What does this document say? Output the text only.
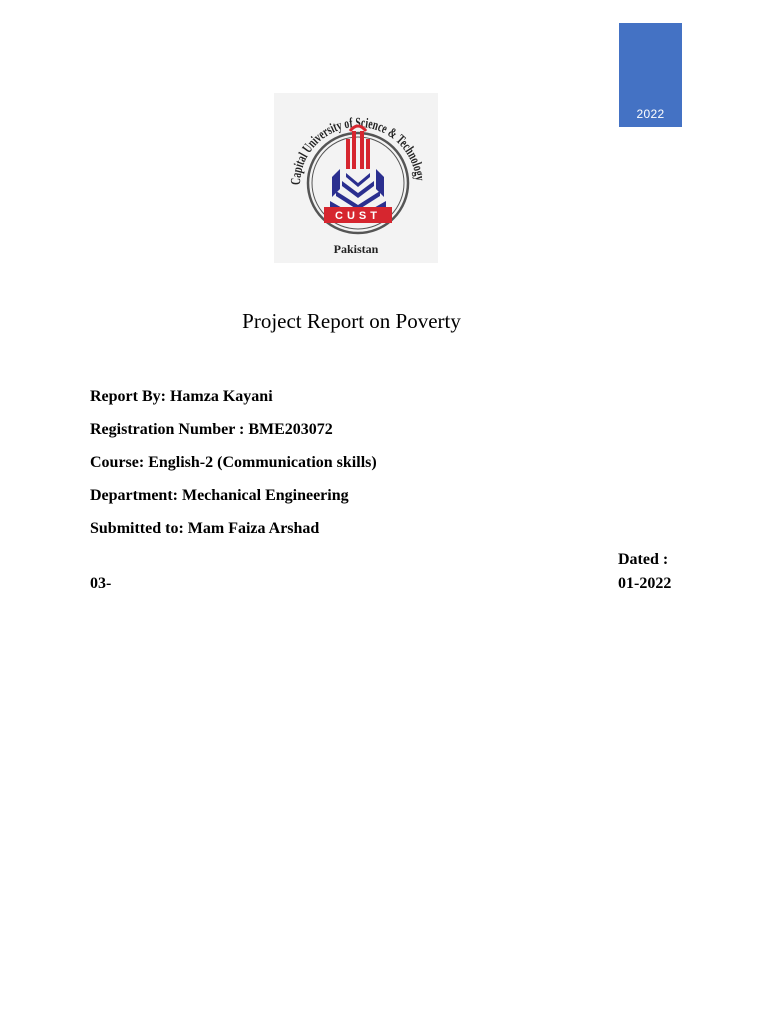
2022
Capital University of Science & Technology
Pakistan
CUST
Project Report on Poverty
Report By: Hamza Kayani
Registration Number : BME203072
Course: English-2 (Communication skills)
Department: Mechanical Engineering
Submitted to: Mam Faiza Arshad
Dated :
03-	01-2022
